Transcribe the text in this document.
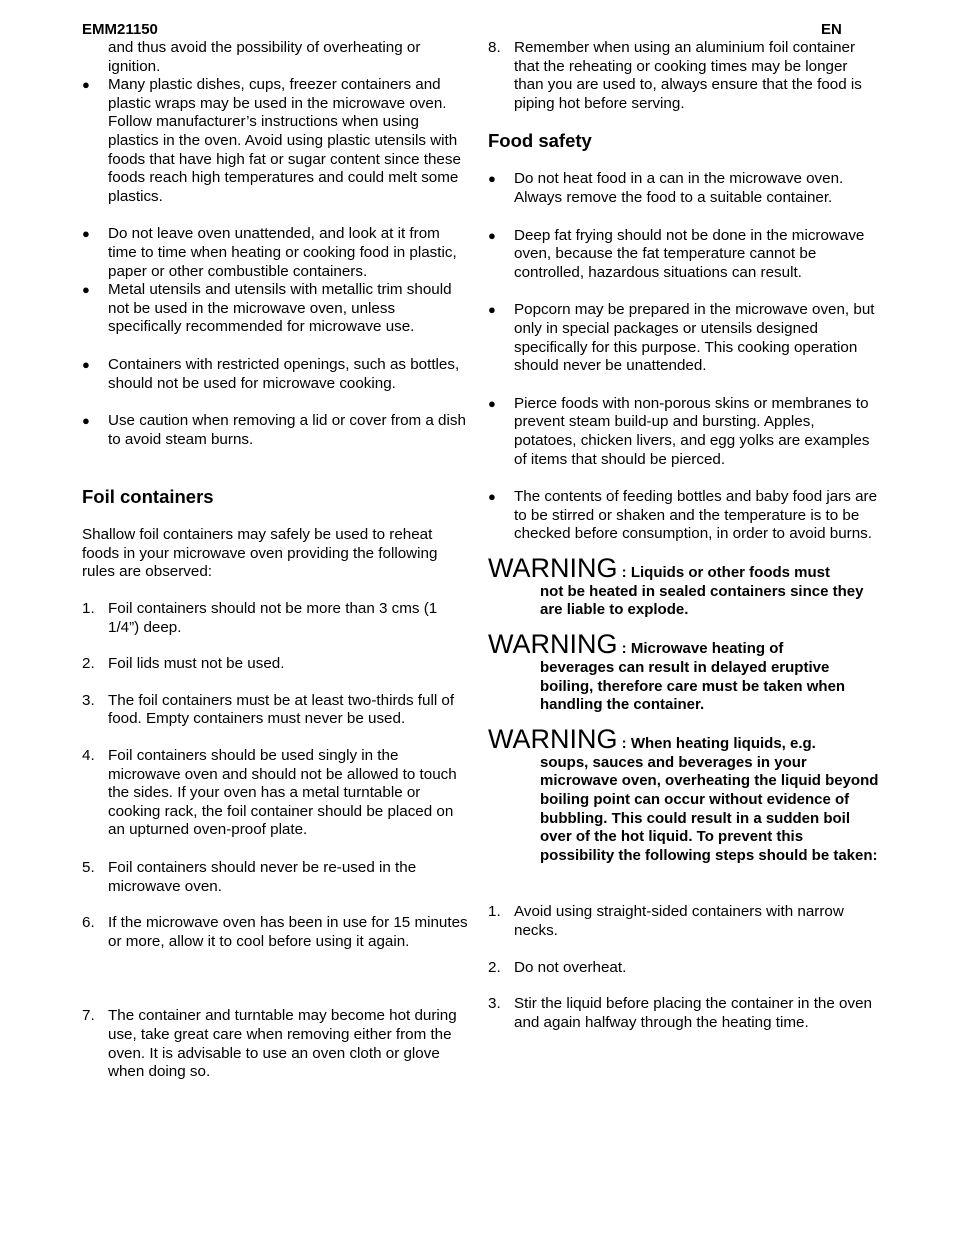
EMM21150	EN

and thus avoid the possibility of overheating or ignition.

● Many plastic dishes, cups, freezer containers and plastic wraps may be used in the microwave oven. Follow manufacturer’s instructions when using plastics in the oven. Avoid using plastic utensils with foods that have high fat or sugar content since these foods reach high temperatures and could melt some plastics.
● Do not leave oven unattended, and look at it from time to time when heating or cooking food in plastic, paper or other combustible containers.
● Metal utensils and utensils with metallic trim should not be used in the microwave oven, unless specifically recommended for microwave use.
● Containers with restricted openings, such as bottles, should not be used for microwave cooking.
● Use caution when removing a lid or cover from a dish to avoid steam burns.

Foil containers

Shallow foil containers may safely be used to reheat foods in your microwave oven providing the following rules are observed:

1. Foil containers should not be more than 3 cms (1 1/4”) deep.
2. Foil lids must not be used.
3. The foil containers must be at least two-thirds full of food. Empty containers must never be used.
4. Foil containers should be used singly in the microwave oven and should not be allowed to touch the sides. If your oven has a metal turntable or cooking rack, the foil container should be placed on an upturned oven-proof plate.
5. Foil containers should never be re-used in the microwave oven.
6. If the microwave oven has been in use for 15 minutes or more, allow it to cool before using it again.
7. The container and turntable may become hot during use, take great care when removing either from the oven. It is advisable to use an oven cloth or glove when doing so.
8. Remember when using an aluminium foil container that the reheating or cooking times may be longer than you are used to, always ensure that the food is piping hot before serving.

Food safety

● Do not heat food in a can in the microwave oven. Always remove the food to a suitable container.
● Deep fat frying should not be done in the microwave oven, because the fat temperature cannot be controlled, hazardous situations can result.
● Popcorn may be prepared in the microwave oven, but only in special packages or utensils designed specifically for this purpose. This cooking operation should never be unattended.
● Pierce foods with non-porous skins or membranes to prevent steam build-up and bursting. Apples, potatoes, chicken livers, and egg yolks are examples of items that should be pierced.
● The contents of feeding bottles and baby food jars are to be stirred or shaken and the temperature is to be checked before consumption, in order to avoid burns.
WARNING : Liquids or other foods must

not be heated in sealed containers since they are liable to explode.

WARNING : Microwave heating of

beverages can result in delayed eruptive boiling, therefore care must be taken when handling the container.

WARNING : When heating liquids, e.g.

soups, sauces and beverages in your microwave oven, overheating the liquid beyond boiling point can occur without evidence of bubbling. This could result in a sudden boil over of the hot liquid. To prevent this possibility the following steps should be taken:

1. Avoid using straight-sided containers with narrow necks.
2. Do not overheat.
3. Stir the liquid before placing the container in the oven and again halfway through the heating time.
